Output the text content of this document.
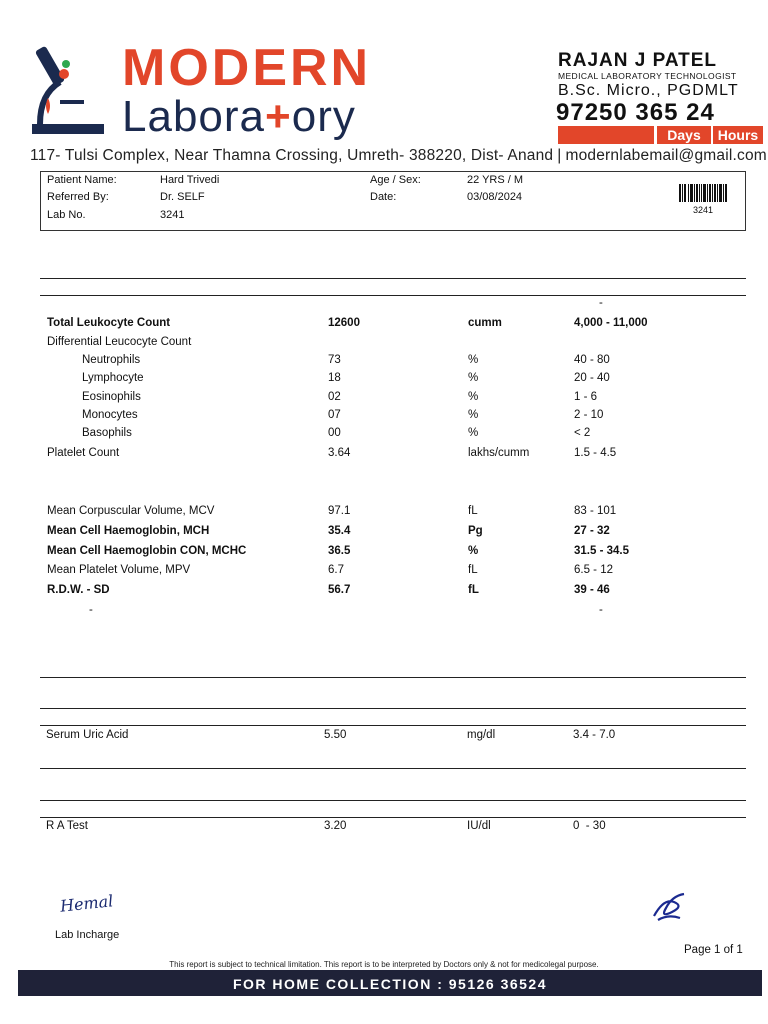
MODERN
Labora+ory
RAJAN J PATEL
MEDICAL LABORATORY TECHNOLOGIST
B.Sc. Micro., PGDMLT
97250 365 24
Days	Hours
117- Tulsi Complex, Near Thamna Crossing, Umreth- 388220, Dist- Anand | modernlabemail@gmail.com
Patient Name:	Hard Trivedi
Referred By:	Dr. SELF
Lab No.	3241
Age / Sex:	22 YRS / M
Date:	03/08/2024
3241
-
Total Leukocyte Count	12600	cumm	4,000 - 11,000
Differential Leucocyte Count
Neutrophils	73	%	40 - 80
Lymphocyte	18	%	20 - 40
Eosinophils	02	%	1 - 6
Monocytes	07	%	2 - 10
Basophils	00	%	< 2
Platelet Count	3.64	lakhs/cumm	1.5 - 4.5
Mean Corpuscular Volume, MCV	97.1	fL	83 - 101
Mean Cell Haemoglobin, MCH	35.4	Pg	27 - 32
Mean Cell Haemoglobin CON, MCHC	36.5	%	31.5 - 34.5
Mean Platelet Volume, MPV	6.7	fL	6.5 - 12
R.D.W. - SD	56.7	fL	39 - 46
-	-
Serum Uric Acid	5.50	mg/dl	3.4 - 7.0
R A Test	3.20	IU/dl	0  - 30
Hemal
Lab Incharge
Page 1 of 1
This report is subject to technical limitation. This report is to be interpreted by Doctors only & not for medicolegal purpose.
FOR HOME COLLECTION : 95126 36524
